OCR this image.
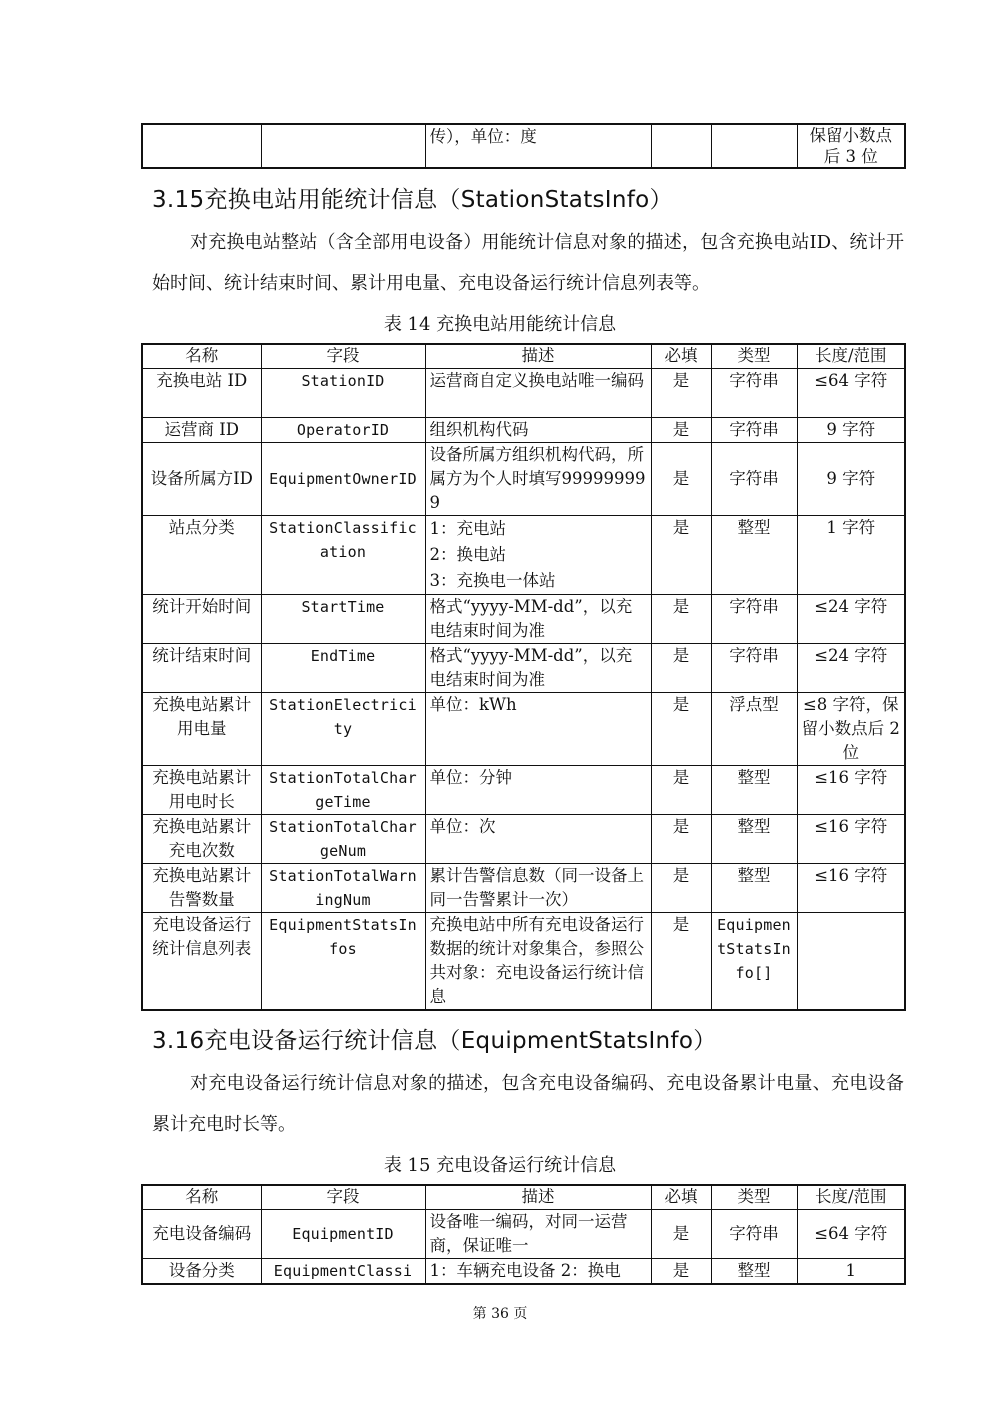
		传），单位：度			保留小数点
后 3 位
3.15充换电站用能统计信息（StationStatsInfo）

对充换电站整站（含全部用电设备）用能统计信息对象的描述，包含充换电站ID、统计开始时间、统计结束时间、累计用电量、充电设备运行统计信息列表等。

表 14 充换电站用能统计信息
名称	字段	描述	必填	类型	长度/范围
充换电站 ID	StationID	运营商自定义换电站唯一编码	是	字符串	≤64 字符
运营商 ID	OperatorID	组织机构代码	是	字符串	9 字符
设备所属方ID	EquipmentOwnerID	设备所属方组织机构代码，所属方为个人时填写999999999	是	字符串	9 字符
站点分类	StationClassification	1：充电站
2：换电站
3：充换电一体站	是	整型	1 字符
统计开始时间	StartTime	格式“yyyy-MM-dd”，以充电结束时间为准	是	字符串	≤24 字符
统计结束时间	EndTime	格式“yyyy-MM-dd”，以充电结束时间为准	是	字符串	≤24 字符
充换电站累计用电量	StationElectricity	单位：kWh	是	浮点型	≤8 字符，保留小数点后 2 位
充换电站累计用电时长	StationTotalChargeTime	单位：分钟	是	整型	≤16 字符
充换电站累计充电次数	StationTotalChargeNum	单位：次	是	整型	≤16 字符
充换电站累计告警数量	StationTotalWarningNum	累计告警信息数（同一设备上同一告警累计一次）	是	整型	≤16 字符
充电设备运行统计信息列表	EquipmentStatsInfos	充换电站中所有充电设备运行数据的统计对象集合，参照公共对象：充电设备运行统计信息	是	EquipmentStatsInfo[]	
3.16充电设备运行统计信息（EquipmentStatsInfo）

对充电设备运行统计信息对象的描述，包含充电设备编码、充电设备累计电量、充电设备累计充电时长等。

表 15 充电设备运行统计信息
名称	字段	描述	必填	类型	长度/范围
充电设备编码	EquipmentID	设备唯一编码，对同一运营商，保证唯一	是	字符串	≤64 字符
设备分类	EquipmentClassi	1：车辆充电设备 2：换电	是	整型	1
第 36 页
